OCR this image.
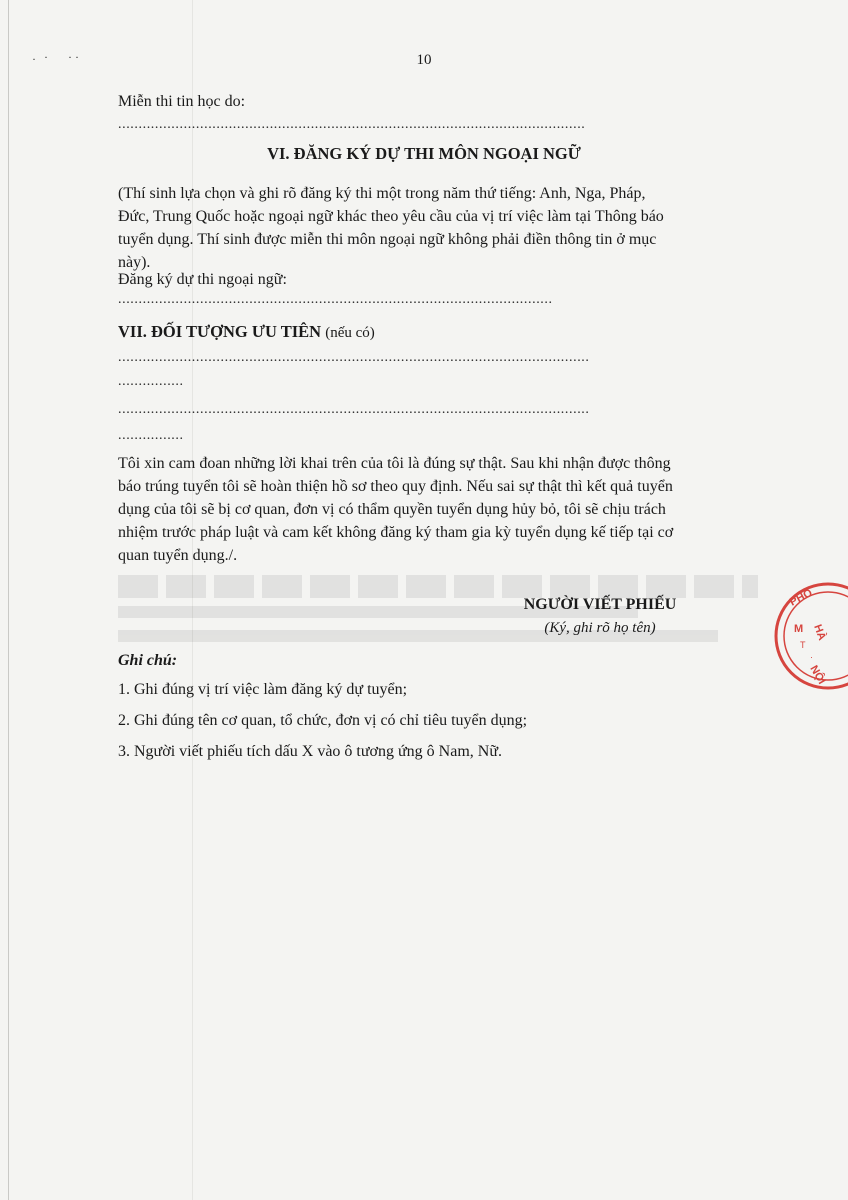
· · · ·	10
Miễn thi tin học do:
..................................................................................................................
VI. ĐĂNG KÝ DỰ THI MÔN NGOẠI NGỮ
(Thí sinh lựa chọn và ghi rõ đăng ký thi một trong năm thứ tiếng: Anh, Nga, Pháp,
Đức, Trung Quốc hoặc ngoại ngữ khác theo yêu cầu của vị trí việc làm tại Thông báo
tuyển dụng. Thí sinh được miễn thi môn ngoại ngữ không phải điền thông tin ở mục
này).
Đăng ký dự thi ngoại ngữ:
..........................................................................................................
VII. ĐỐI TƯỢNG ƯU TIÊN (nếu có)
...................................................................................................................
................
...................................................................................................................
................
Tôi xin cam đoan những lời khai trên của tôi là đúng sự thật. Sau khi nhận được thông
báo trúng tuyển tôi sẽ hoàn thiện hồ sơ theo quy định. Nếu sai sự thật thì kết quả tuyển
dụng của tôi sẽ bị cơ quan, đơn vị có thẩm quyền tuyển dụng hủy bỏ, tôi sẽ chịu trách
nhiệm trước pháp luật và cam kết không đăng ký tham gia kỳ tuyển dụng kế tiếp tại cơ
quan tuyển dụng./.
NGƯỜI VIẾT PHIẾU
(Ký, ghi rõ họ tên)
Ghi chú:
1. Ghi đúng vị trí việc làm đăng ký dự tuyển;
2. Ghi đúng tên cơ quan, tổ chức, đơn vị có chỉ tiêu tuyển dụng;
3. Người viết phiếu tích dấu X vào ô tương ứng ô Nam, Nữ.
PHÒ
M
T
·
HÀ
NỘI
